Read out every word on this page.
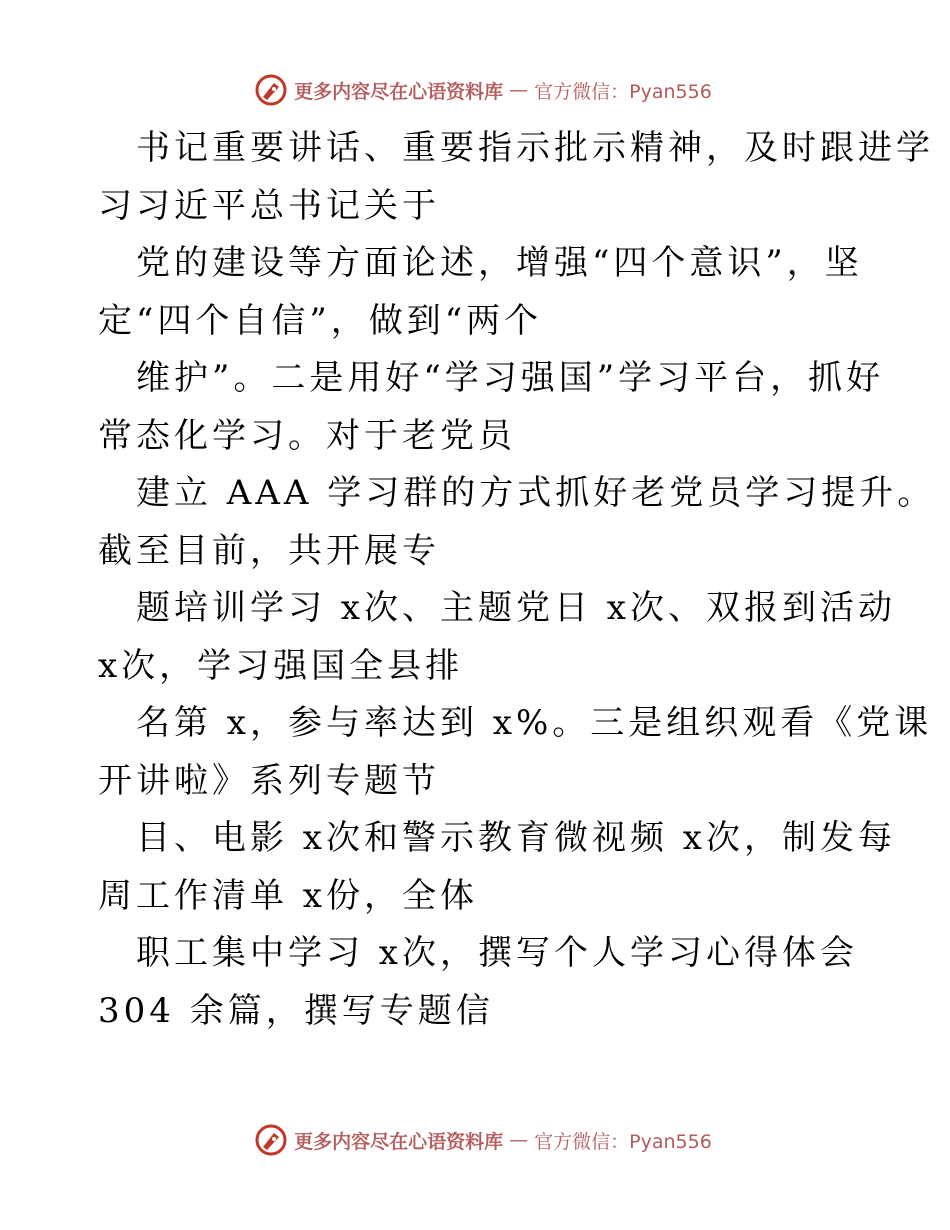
更多内容尽在心语资料库 — 官方微信：Pyan556
书记重要讲话、重要指示批示精神，及时跟进学
习习近平总书记关于
党的建设等方面论述，增强“四个意识”，坚
定“四个自信”，做到“两个
维护”。二是用好“学习强国”学习平台，抓好
常态化学习。对于老党员
建立 AAA 学习群的方式抓好老党员学习提升。
截至目前，共开展专
题培训学习 x次、主题党日 x次、双报到活动
x次，学习强国全县排
名第 x，参与率达到 x%。三是组织观看《党课
开讲啦》系列专题节
目、电影 x次和警示教育微视频 x次，制发每
周工作清单 x份，全体
职工集中学习 x次，撰写个人学习心得体会
304 余篇，撰写专题信
更多内容尽在心语资料库 — 官方微信：Pyan556
